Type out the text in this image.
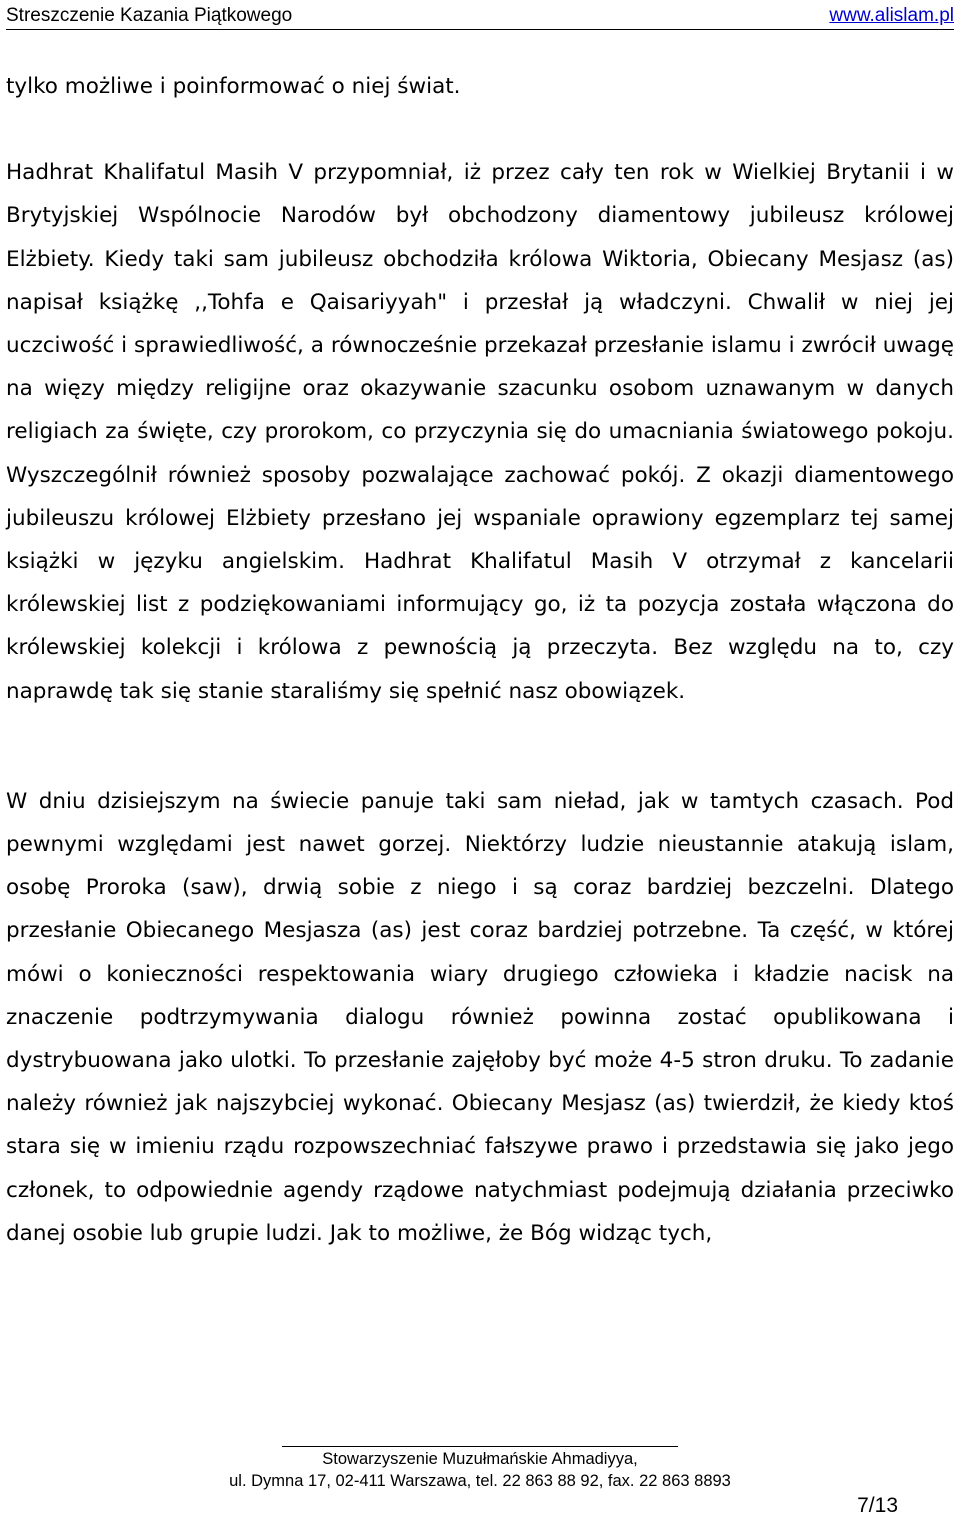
Streszczenie Kazania Piątkowego	www.alislam.pl

tylko możliwe i poinformować o niej świat.

Hadhrat Khalifatul Masih V przypomniał, iż przez cały ten rok w Wielkiej Brytanii i w Brytyjskiej Wspólnocie Narodów był obchodzony diamentowy jubileusz królowej Elżbiety. Kiedy taki sam jubileusz obchodziła królowa Wiktoria, Obiecany Mesjasz (as) napisał książkę ,,Tohfa e Qaisariyyah" i przesłał ją władczyni. Chwalił w niej jej uczciwość i sprawiedliwość, a równocześnie przekazał przesłanie islamu i zwrócił uwagę na więzy między religijne oraz okazywanie szacunku osobom uznawanym w danych religiach za święte, czy prorokom, co przyczynia się do umacniania światowego pokoju. Wyszczególnił również sposoby pozwalające zachować pokój. Z okazji diamentowego jubileuszu królowej Elżbiety przesłano jej wspaniale oprawiony egzemplarz tej samej książki w języku angielskim. Hadhrat Khalifatul Masih V otrzymał z kancelarii królewskiej list z podziękowaniami informujący go, iż ta pozycja została włączona do królewskiej kolekcji i królowa z pewnością ją przeczyta. Bez względu na to, czy naprawdę tak się stanie staraliśmy się spełnić nasz obowiązek.

W dniu dzisiejszym na świecie panuje taki sam nieład, jak w tamtych czasach. Pod pewnymi względami jest nawet gorzej. Niektórzy ludzie nieustannie atakują islam, osobę Proroka (saw), drwią sobie z niego i są coraz bardziej bezczelni. Dlatego przesłanie Obiecanego Mesjasza (as) jest coraz bardziej potrzebne. Ta część, w której mówi o konieczności respektowania wiary drugiego człowieka i kładzie nacisk na znaczenie podtrzymywania dialogu również powinna zostać opublikowana i dystrybuowana jako ulotki. To przesłanie zajęłoby być może 4-5 stron druku. To zadanie należy również jak najszybciej wykonać. Obiecany Mesjasz (as) twierdził, że kiedy ktoś stara się w imieniu rządu rozpowszechniać fałszywe prawo i przedstawia się jako jego członek, to odpowiednie agendy rządowe natychmiast podejmują działania przeciwko danej osobie lub grupie ludzi. Jak to możliwe, że Bóg widząc tych,

Stowarzyszenie Muzułmańskie Ahmadiyya,
ul. Dymna 17, 02-411 Warszawa, tel. 22 863 88 92, fax. 22 863 8893
7/13
